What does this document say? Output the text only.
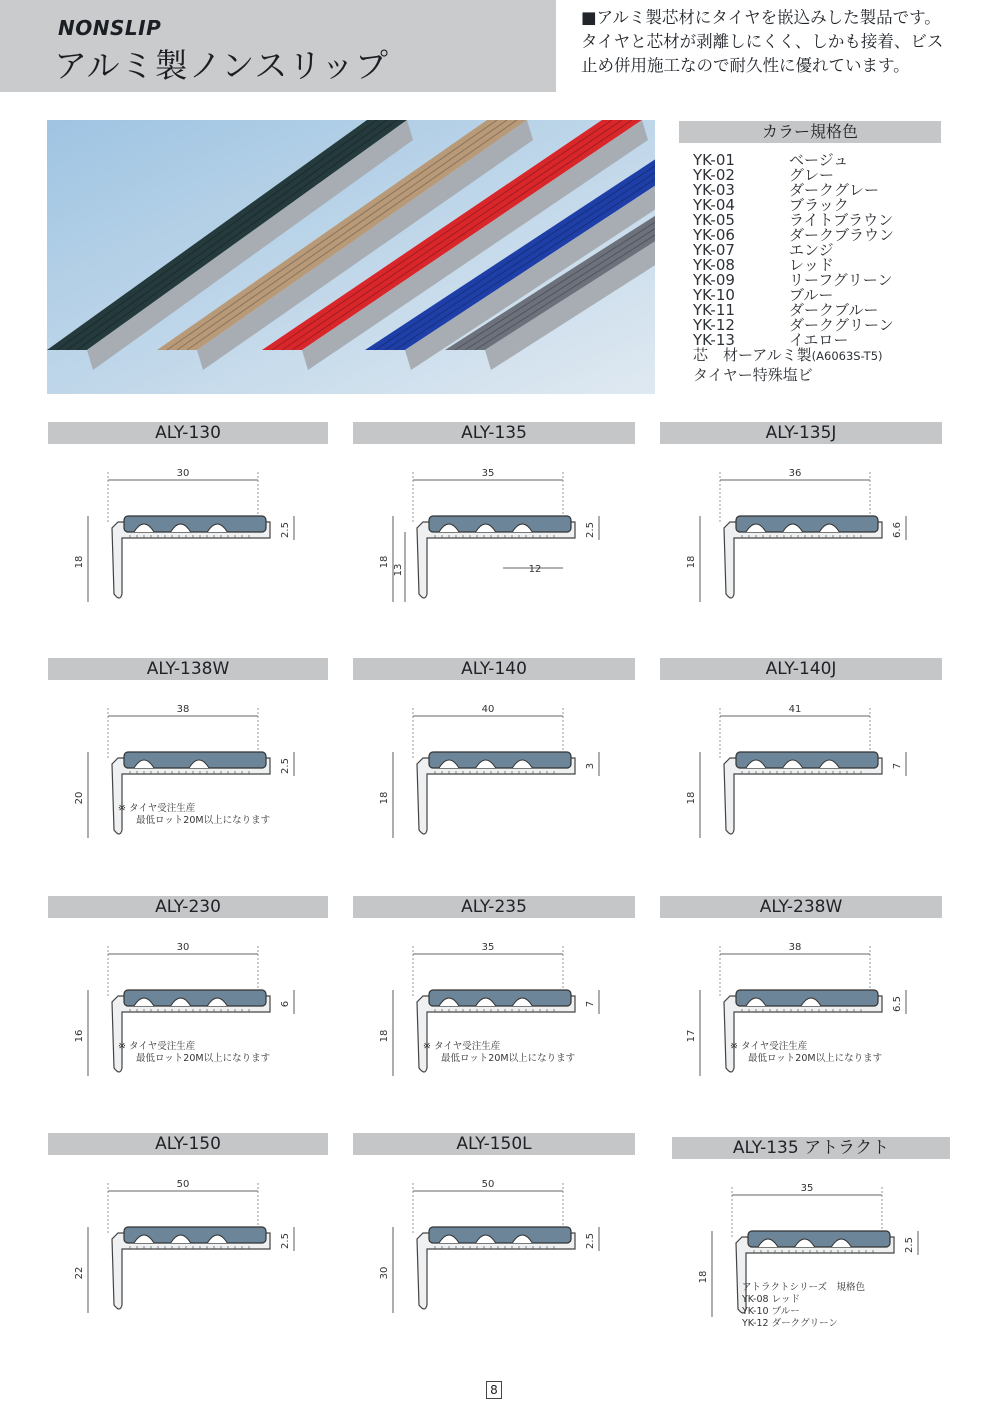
NONSLIP
アルミ製ノンスリップ
■アルミ製芯材にタイヤを嵌込みした製品です。タイヤと芯材が剥離しにくく、しかも接着、ビス止め併用施工なので耐久性に優れています。
カラー規格色
YK-01	ベージュ
YK-02	グレー
YK-03	ダークグレー
YK-04	ブラック
YK-05	ライトブラウン
YK-06	ダークブラウン
YK-07	エンジ
YK-08	レッド
YK-09	リーフグリーン
YK-10	ブルー
YK-11	ダークブルー
YK-12	ダークグリーン
YK-13	イエロー
芯　材ーアルミ製(A6063S-T5)
タイヤー特殊塩ビ
ALY-130
30
18
2.5
ALY-135
35
18
2.5
13	12
ALY-135J
36
18
6.6
ALY-138W
38
20
2.5
※ タイヤ受注生産
最低ロット20M以上になります
ALY-140
40
18
3
ALY-140J
41
18
7
ALY-230
30
16
6
※ タイヤ受注生産
最低ロット20M以上になります
ALY-235
35
18
7
※ タイヤ受注生産
最低ロット20M以上になります
ALY-238W
38
17
6.5
※ タイヤ受注生産
最低ロット20M以上になります
ALY-150
50
22
2.5
ALY-150L
50
30
2.5
ALY-135 アトラクト
35
18
2.5
アトラクトシリーズ　規格色
YK-08 レッド
YK-10 ブルー
YK-12 ダークグリーン
8
